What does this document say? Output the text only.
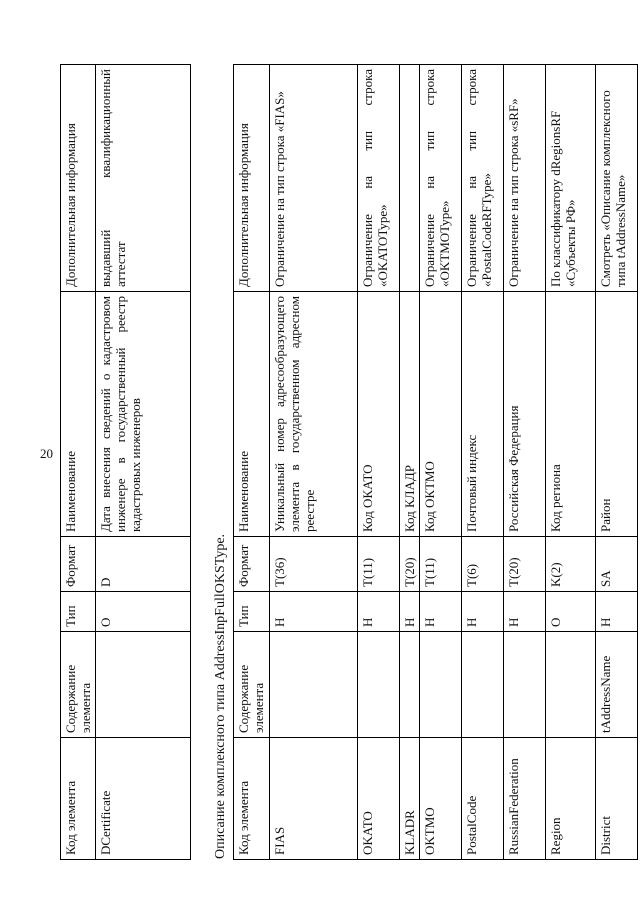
20
Код элемента	Содержание элемента	Тип	Формат	Наименование	Дополнительная информация
DCertificate		O	D	Дата внесения сведений о кадастровом инженере в государственный реестр кадастровых инженеров	выдавший квалификационный аттестат
Описание комплексного типа AddressInpFullOKSType. Код элемента	Содержание элемента	Тип	Формат	Наименование	Дополнительная информация
FIAS		Н	T(36)	Уникальный номер адресообразующего элемента в государственном адресном реестре	Ограничение на тип строка «FIAS»
OKATO		Н	T(11)	Код ОКАТО	Ограничение на тип строка «OKATOType»
KLADR		Н	T(20)	Код КЛАДР	
OKTMO		Н	T(11)	Код ОКТМО	Ограничение на тип строка «OKTMOType»
PostalCode		Н	T(6)	Почтовый индекс	Ограничение на тип строка «PostalCodeRFType»
RussianFederation		Н	T(20)	Российская Федерация	Ограничение на тип строка «sRF»
Region		О	K(2)	Код региона	По классификатору dRegionsRF «Субъекты РФ»
District	tAddressName	Н	SA	Район	Смотреть «Описание комплексного типа tAddressName»
